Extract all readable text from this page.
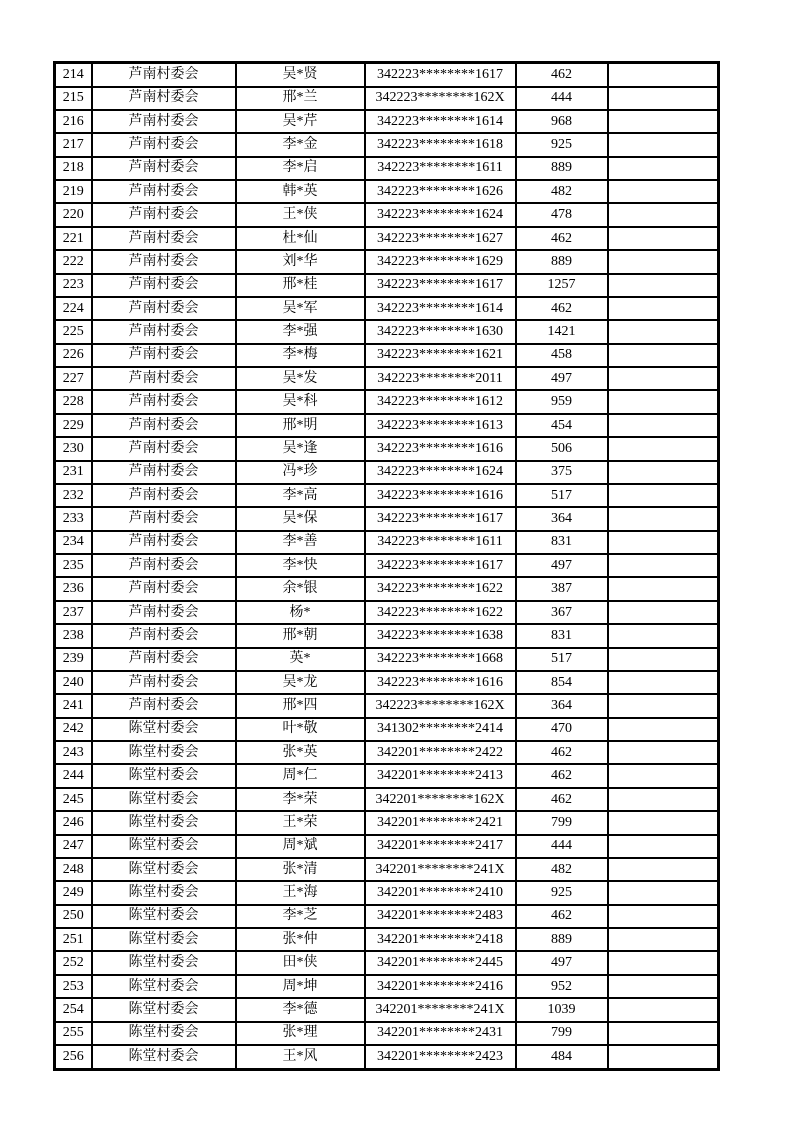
214	芦南村委会	吴*贤	342223********1617	462	
215	芦南村委会	邢*兰	342223********162X	444	
216	芦南村委会	吴*芹	342223********1614	968	
217	芦南村委会	李*金	342223********1618	925	
218	芦南村委会	李*启	342223********1611	889	
219	芦南村委会	韩*英	342223********1626	482	
220	芦南村委会	王*侠	342223********1624	478	
221	芦南村委会	杜*仙	342223********1627	462	
222	芦南村委会	刘*华	342223********1629	889	
223	芦南村委会	邢*桂	342223********1617	1257	
224	芦南村委会	吴*军	342223********1614	462	
225	芦南村委会	李*强	342223********1630	1421	
226	芦南村委会	李*梅	342223********1621	458	
227	芦南村委会	吴*发	342223********2011	497	
228	芦南村委会	吴*科	342223********1612	959	
229	芦南村委会	邢*明	342223********1613	454	
230	芦南村委会	吴*逢	342223********1616	506	
231	芦南村委会	冯*珍	342223********1624	375	
232	芦南村委会	李*高	342223********1616	517	
233	芦南村委会	吴*保	342223********1617	364	
234	芦南村委会	李*善	342223********1611	831	
235	芦南村委会	李*快	342223********1617	497	
236	芦南村委会	余*银	342223********1622	387	
237	芦南村委会	杨*	342223********1622	367	
238	芦南村委会	邢*朝	342223********1638	831	
239	芦南村委会	英*	342223********1668	517	
240	芦南村委会	吴*龙	342223********1616	854	
241	芦南村委会	邢*四	342223********162X	364	
242	陈堂村委会	叶*敬	341302********2414	470	
243	陈堂村委会	张*英	342201********2422	462	
244	陈堂村委会	周*仁	342201********2413	462	
245	陈堂村委会	李*荣	342201********162X	462	
246	陈堂村委会	王*荣	342201********2421	799	
247	陈堂村委会	周*斌	342201********2417	444	
248	陈堂村委会	张*清	342201********241X	482	
249	陈堂村委会	王*海	342201********2410	925	
250	陈堂村委会	李*芝	342201********2483	462	
251	陈堂村委会	张*仲	342201********2418	889	
252	陈堂村委会	田*侠	342201********2445	497	
253	陈堂村委会	周*坤	342201********2416	952	
254	陈堂村委会	李*德	342201********241X	1039	
255	陈堂村委会	张*理	342201********2431	799	
256	陈堂村委会	王*风	342201********2423	484	
